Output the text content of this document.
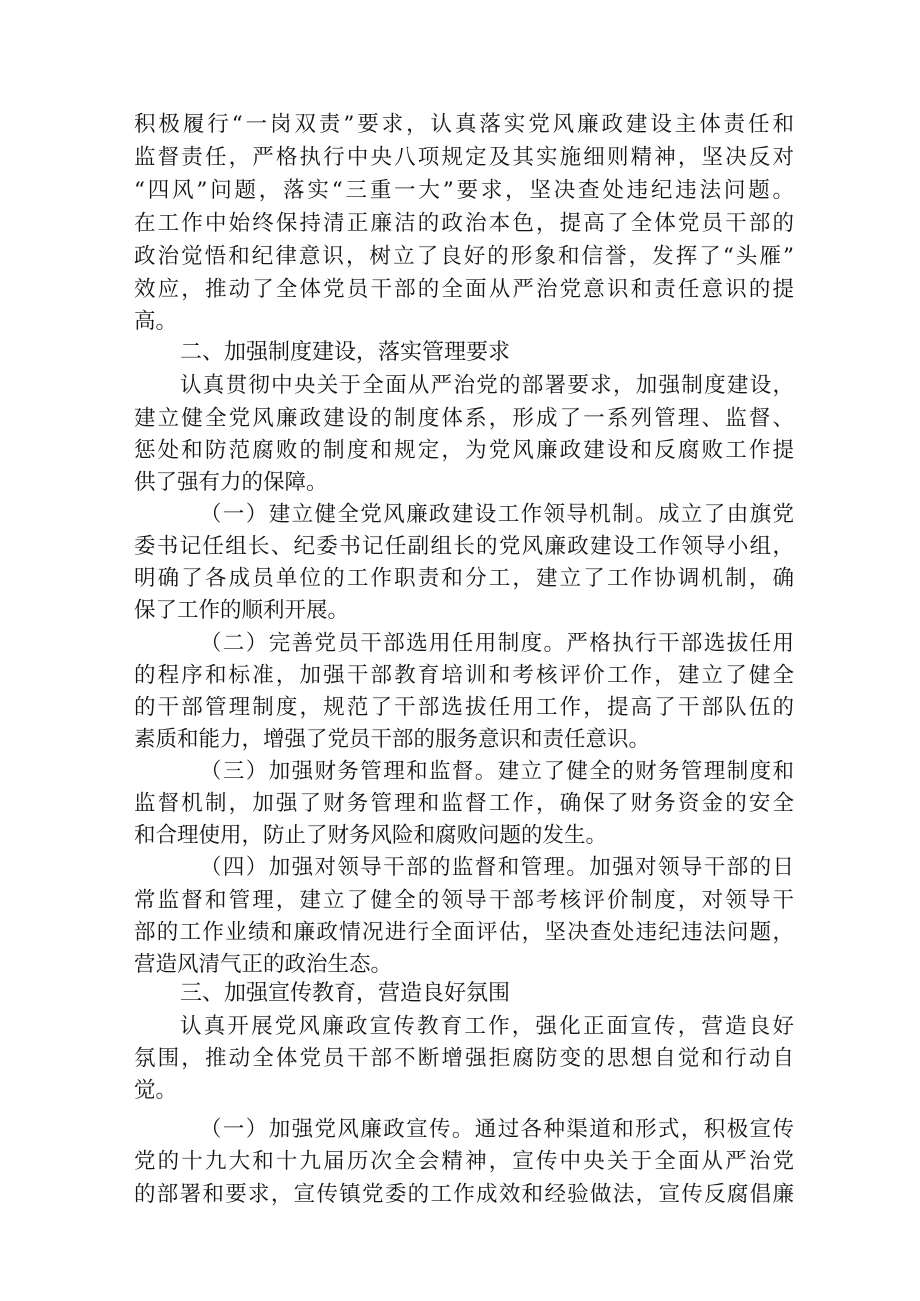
积极履行“一岗双责”要求，认真落实党风廉政建设主体责任和
监督责任，严格执行中央八项规定及其实施细则精神，坚决反对
“四风”问题，落实“三重一大”要求，坚决查处违纪违法问题。
在工作中始终保持清正廉洁的政治本色，提高了全体党员干部的
政治觉悟和纪律意识，树立了良好的形象和信誉，发挥了“头雁”
效应，推动了全体党员干部的全面从严治党意识和责任意识的提
高。
二、加强制度建设，落实管理要求
认真贯彻中央关于全面从严治党的部署要求，加强制度建设，
建立健全党风廉政建设的制度体系，形成了一系列管理、监督、
惩处和防范腐败的制度和规定，为党风廉政建设和反腐败工作提
供了强有力的保障。
（一）建立健全党风廉政建设工作领导机制。成立了由旗党
委书记任组长、纪委书记任副组长的党风廉政建设工作领导小组，
明确了各成员单位的工作职责和分工，建立了工作协调机制，确
保了工作的顺利开展。
（二）完善党员干部选用任用制度。严格执行干部选拔任用
的程序和标准，加强干部教育培训和考核评价工作，建立了健全
的干部管理制度，规范了干部选拔任用工作，提高了干部队伍的
素质和能力，增强了党员干部的服务意识和责任意识。
（三）加强财务管理和监督。建立了健全的财务管理制度和
监督机制，加强了财务管理和监督工作，确保了财务资金的安全
和合理使用，防止了财务风险和腐败问题的发生。
（四）加强对领导干部的监督和管理。加强对领导干部的日
常监督和管理，建立了健全的领导干部考核评价制度，对领导干
部的工作业绩和廉政情况进行全面评估，坚决查处违纪违法问题，
营造风清气正的政治生态。
三、加强宣传教育，营造良好氛围
认真开展党风廉政宣传教育工作，强化正面宣传，营造良好
氛围，推动全体党员干部不断增强拒腐防变的思想自觉和行动自
觉。
（一）加强党风廉政宣传。通过各种渠道和形式，积极宣传
党的十九大和十九届历次全会精神，宣传中央关于全面从严治党
的部署和要求，宣传镇党委的工作成效和经验做法，宣传反腐倡廉
